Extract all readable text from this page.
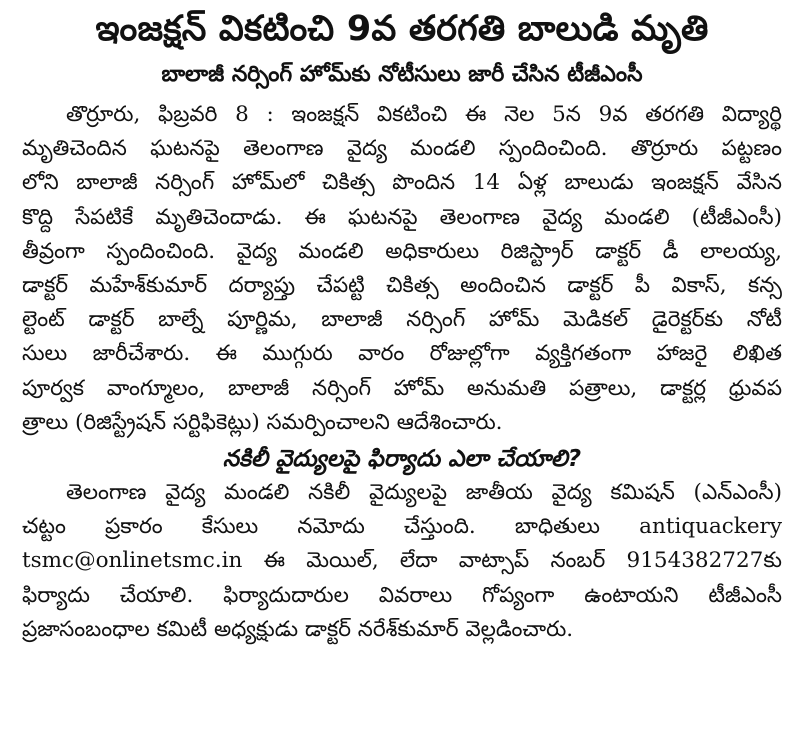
ఇంజక్షన్ వికటించి 9వ తరగతి బాలుడి మృతి
బాలాజీ నర్సింగ్ హోమ్‌కు నోటీసులు జారీ చేసిన టీజీఎంసీ
తొర్రూరు, ఫిబ్రవరి 8 : ఇంజక్షన్ వికటించి ఈ నెల 5న 9వ తరగతి విద్యార్థి
మృతిచెందిన ఘటనపై తెలంగాణ వైద్య మండలి స్పందించింది. తొర్రూరు పట్టణం
లోని బాలాజీ నర్సింగ్ హోమ్‌లో చికిత్స పొందిన 14 ఏళ్ల బాలుడు ఇంజక్షన్ వేసిన
కొద్ది సేపటికే మృతిచెందాడు. ఈ ఘటనపై తెలంగాణ వైద్య మండలి (టీజీఎంసీ)
తీవ్రంగా స్పందించింది. వైద్య మండలి అధికారులు రిజిస్ట్రార్ డాక్టర్ డీ లాలయ్య,
డాక్టర్ మహేశ్‌కుమార్ దర్యాప్తు చేపట్టి చికిత్స అందించిన డాక్టర్ పీ వికాస్, కన్స
ల్టెంట్ డాక్టర్ బాల్నే పూర్ణిమ, బాలాజీ నర్సింగ్ హోమ్ మెడికల్ డైరెక్టర్‌కు నోటీ
సులు జారీచేశారు. ఈ ముగ్గురు వారం రోజుల్లోగా వ్యక్తిగతంగా హాజరై లిఖిత
పూర్వక వాంగ్మూలం, బాలాజీ నర్సింగ్ హోమ్ అనుమతి పత్రాలు, డాక్టర్ల ధ్రువప
త్రాలు (రిజిస్ట్రేషన్ సర్టిఫికెట్లు) సమర్పించాలని ఆదేశించారు.
నకిలీ వైద్యులపై ఫిర్యాదు ఎలా చేయాలి?
తెలంగాణ వైద్య మండలి నకిలీ వైద్యులపై జాతీయ వైద్య కమిషన్ (ఎన్ఎంసీ)
చట్టం ప్రకారం కేసులు నమోదు చేస్తుంది. బాధితులు antiquackery
tsmc@onlinetsmc.in ఈ మెయిల్, లేదా వాట్సాప్ నంబర్ 9154382727కు
ఫిర్యాదు చేయాలి. ఫిర్యాదుదారుల వివరాలు గోప్యంగా ఉంటాయని టీజీఎంసీ
ప్రజాసంబంధాల కమిటీ అధ్యక్షుడు డాక్టర్ నరేశ్‌కుమార్ వెల్లడించారు.
